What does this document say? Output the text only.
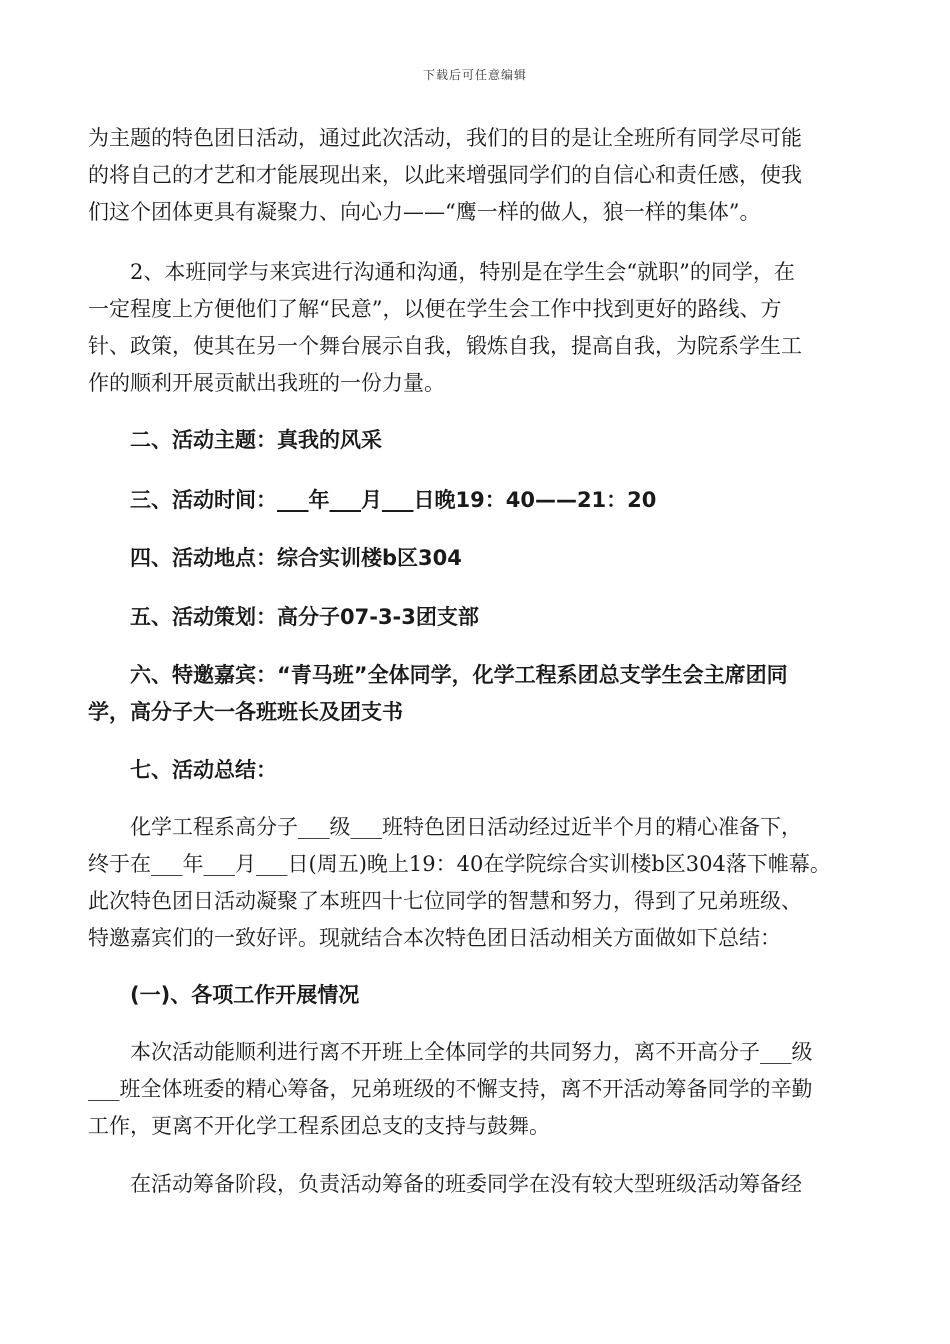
下载后可任意编辑

为主题的特色团日活动，通过此次活动，我们的目的是让全班所有同学尽可能
的将自己的才艺和才能展现出来，以此来增强同学们的自信心和责任感，使我
们这个团体更具有凝聚力、向心力——“鹰一样的做人，狼一样的集体”。

　　2、本班同学与来宾进行沟通和沟通，特别是在学生会“就职”的同学，在
一定程度上方便他们了解“民意”，以便在学生会工作中找到更好的路线、方
针、政策，使其在另一个舞台展示自我，锻炼自我，提高自我，为院系学生工
作的顺利开展贡献出我班的一份力量。

　　二、活动主题：真我的风采

　　三、活动时间：___年___月___日晚19：40——21：20

　　四、活动地点：综合实训楼b区304

　　五、活动策划：高分子07-3-3团支部

　　六、特邀嘉宾：“青马班”全体同学，化学工程系团总支学生会主席团同
学，高分子大一各班班长及团支书

　　七、活动总结：

　　化学工程系高分子___级___班特色团日活动经过近半个月的精心准备下，
终于在___年___月___日(周五)晚上19：40在学院综合实训楼b区304落下帷幕。
此次特色团日活动凝聚了本班四十七位同学的智慧和努力，得到了兄弟班级、
特邀嘉宾们的一致好评。现就结合本次特色团日活动相关方面做如下总结：

　　(一)、各项工作开展情况

　　本次活动能顺利进行离不开班上全体同学的共同努力，离不开高分子___级
___班全体班委的精心筹备，兄弟班级的不懈支持，离不开活动筹备同学的辛勤
工作，更离不开化学工程系团总支的支持与鼓舞。

　　在活动筹备阶段，负责活动筹备的班委同学在没有较大型班级活动筹备经
